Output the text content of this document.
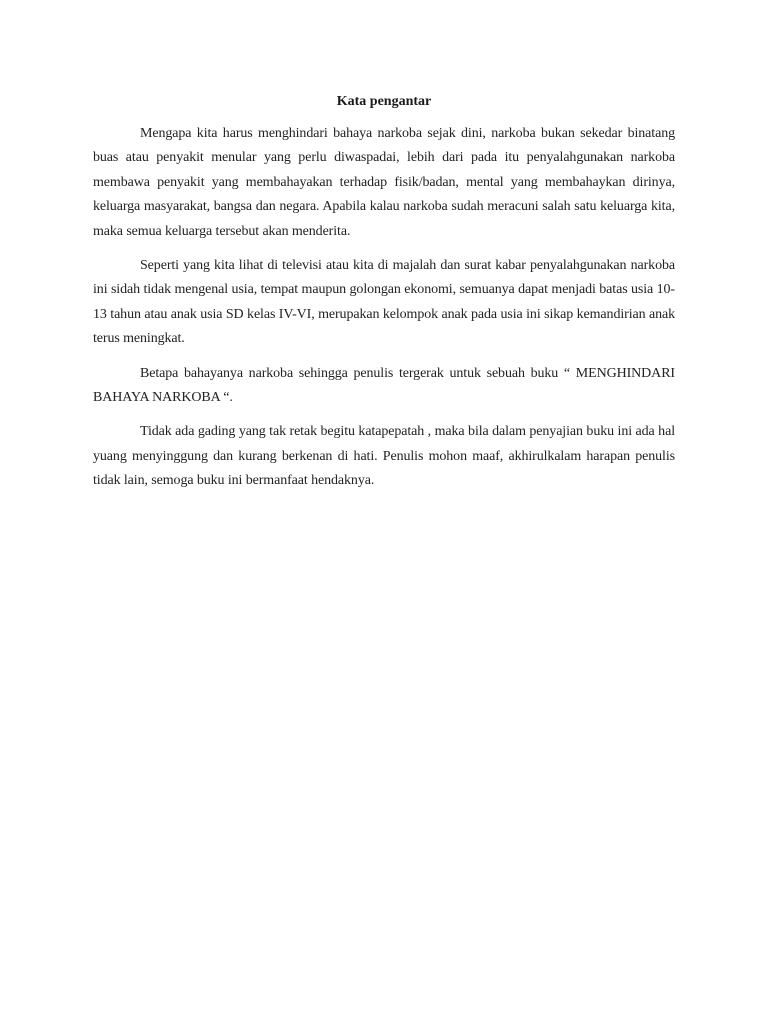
Kata pengantar

Mengapa kita harus menghindari bahaya narkoba sejak dini, narkoba bukan sekedar binatang buas atau penyakit menular yang perlu diwaspadai, lebih dari pada itu penyalahgunakan narkoba membawa penyakit yang membahayakan terhadap fisik/badan, mental yang membahaykan dirinya, keluarga masyarakat, bangsa dan negara. Apabila kalau narkoba sudah meracuni salah satu keluarga kita, maka semua keluarga tersebut akan menderita.

Seperti yang kita lihat di televisi atau kita di majalah dan surat kabar penyalahgunakan narkoba ini sidah tidak mengenal usia, tempat maupun golongan ekonomi, semuanya dapat menjadi batas usia 10-13 tahun atau anak usia SD kelas IV-VI, merupakan kelompok anak pada usia ini sikap kemandirian anak terus meningkat.

Betapa bahayanya narkoba sehingga penulis tergerak untuk sebuah buku “ MENGHINDARI BAHAYA NARKOBA “.

Tidak ada gading yang tak retak begitu katapepatah , maka bila dalam penyajian buku ini ada hal yuang menyinggung dan kurang berkenan di hati. Penulis mohon maaf, akhirulkalam harapan penulis tidak lain, semoga buku ini bermanfaat hendaknya.
